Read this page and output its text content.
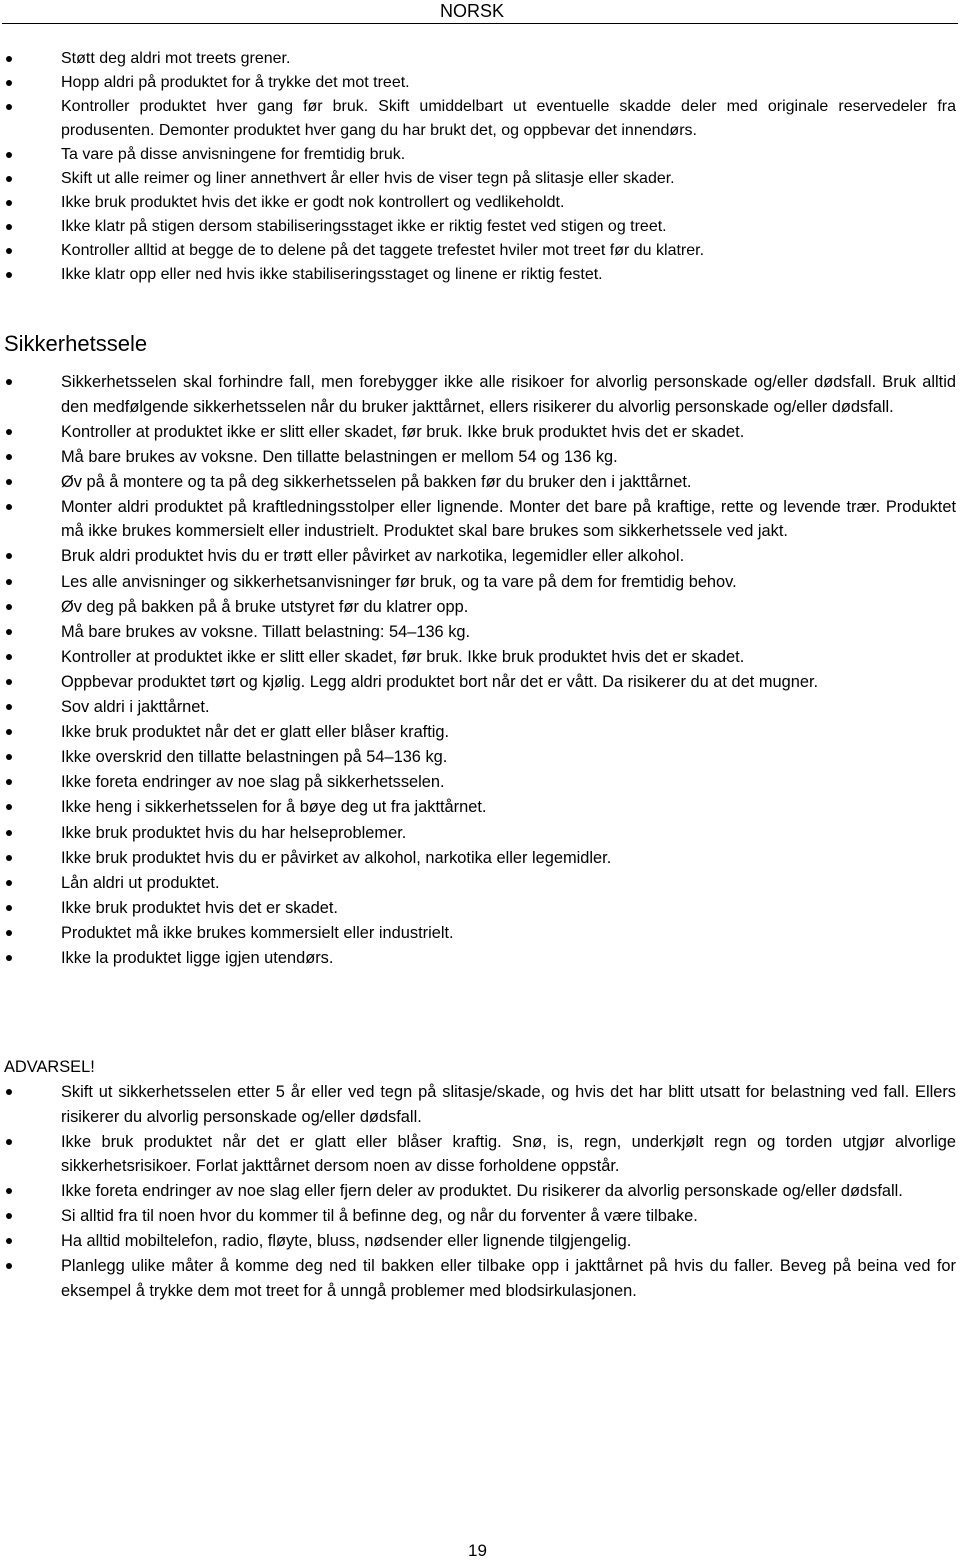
NORSK
Støtt deg aldri mot treets grener.
Hopp aldri på produktet for å trykke det mot treet.
Kontroller produktet hver gang før bruk. Skift umiddelbart ut eventuelle skadde deler med originale reservedeler fra produsenten. Demonter produktet hver gang du har brukt det, og oppbevar det innendørs.
Ta vare på disse anvisningene for fremtidig bruk.
Skift ut alle reimer og liner annethvert år eller hvis de viser tegn på slitasje eller skader.
Ikke bruk produktet hvis det ikke er godt nok kontrollert og vedlikeholdt.
Ikke klatr på stigen dersom stabiliseringsstaget ikke er riktig festet ved stigen og treet.
Kontroller alltid at begge de to delene på det taggete trefestet hviler mot treet før du klatrer.
Ikke klatr opp eller ned hvis ikke stabiliseringsstaget og linene er riktig festet.
Sikkerhetssele
Sikkerhetsselen skal forhindre fall, men forebygger ikke alle risikoer for alvorlig personskade og/eller dødsfall. Bruk alltid den medfølgende sikkerhetsselen når du bruker jakttårnet, ellers risikerer du alvorlig personskade og/eller dødsfall.
Kontroller at produktet ikke er slitt eller skadet, før bruk. Ikke bruk produktet hvis det er skadet.
Må bare brukes av voksne. Den tillatte belastningen er mellom 54 og 136 kg.
Øv på å montere og ta på deg sikkerhetsselen på bakken før du bruker den i jakttårnet.
Monter aldri produktet på kraftledningsstolper eller lignende. Monter det bare på kraftige, rette og levende trær. Produktet må ikke brukes kommersielt eller industrielt. Produktet skal bare brukes som sikkerhetssele ved jakt.
Bruk aldri produktet hvis du er trøtt eller påvirket av narkotika, legemidler eller alkohol.
Les alle anvisninger og sikkerhetsanvisninger før bruk, og ta vare på dem for fremtidig behov.
Øv deg på bakken på å bruke utstyret før du klatrer opp.
Må bare brukes av voksne. Tillatt belastning: 54–136 kg.
Kontroller at produktet ikke er slitt eller skadet, før bruk. Ikke bruk produktet hvis det er skadet.
Oppbevar produktet tørt og kjølig. Legg aldri produktet bort når det er vått. Da risikerer du at det mugner.
Sov aldri i jakttårnet.
Ikke bruk produktet når det er glatt eller blåser kraftig.
Ikke overskrid den tillatte belastningen på 54–136 kg.
Ikke foreta endringer av noe slag på sikkerhetsselen.
Ikke heng i sikkerhetsselen for å bøye deg ut fra jakttårnet.
Ikke bruk produktet hvis du har helseproblemer.
Ikke bruk produktet hvis du er påvirket av alkohol, narkotika eller legemidler.
Lån aldri ut produktet.
Ikke bruk produktet hvis det er skadet.
Produktet må ikke brukes kommersielt eller industrielt.
Ikke la produktet ligge igjen utendørs.
ADVARSEL!
Skift ut sikkerhetsselen etter 5 år eller ved tegn på slitasje/skade, og hvis det har blitt utsatt for belastning ved fall. Ellers risikerer du alvorlig personskade og/eller dødsfall.
Ikke bruk produktet når det er glatt eller blåser kraftig. Snø, is, regn, underkjølt regn og torden utgjør alvorlige sikkerhetsrisikoer. Forlat jakttårnet dersom noen av disse forholdene oppstår.
Ikke foreta endringer av noe slag eller fjern deler av produktet. Du risikerer da alvorlig personskade og/eller dødsfall.
Si alltid fra til noen hvor du kommer til å befinne deg, og når du forventer å være tilbake.
Ha alltid mobiltelefon, radio, fløyte, bluss, nødsender eller lignende tilgjengelig.
Planlegg ulike måter å komme deg ned til bakken eller tilbake opp i jakttårnet på hvis du faller. Beveg på beina ved for eksempel å trykke dem mot treet for å unngå problemer med blodsirkulasjonen.
19
